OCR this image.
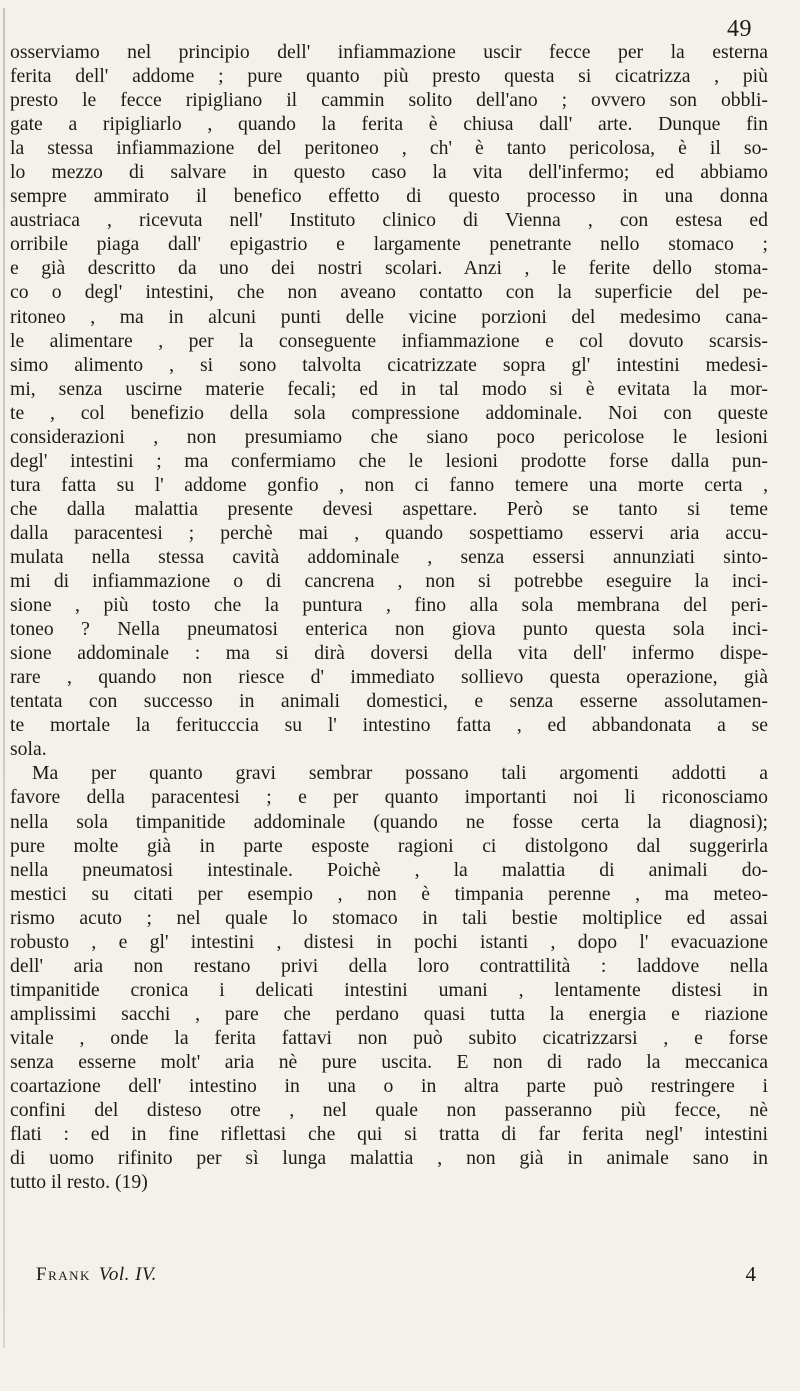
49
osserviamo nel principio dell' infiammazione uscir fecce per la esterna
ferita dell' addome ; pure quanto più presto questa si cicatrizza , più
presto le fecce ripigliano il cammin solito dell'ano ; ovvero son obbli-
gate a ripigliarlo , quando la ferita è chiusa dall' arte. Dunque fin
la stessa infiammazione del peritoneo , ch' è tanto pericolosa, è il so-
lo mezzo di salvare in questo caso la vita dell'infermo; ed abbiamo
sempre ammirato il benefico effetto di questo processo in una donna
austriaca , ricevuta nell' Instituto clinico di Vienna , con estesa ed
orribile piaga dall' epigastrio e largamente penetrante nello stomaco ;
e già descritto da uno dei nostri scolari. Anzi , le ferite dello stoma-
co o degl' intestini, che non aveano contatto con la superficie del pe-
ritoneo , ma in alcuni punti delle vicine porzioni del medesimo cana-
le alimentare , per la conseguente infiammazione e col dovuto scarsis-
simo alimento , si sono talvolta cicatrizzate sopra gl' intestini medesi-
mi, senza uscirne materie fecali; ed in tal modo si è evitata la mor-
te , col benefizio della sola compressione addominale. Noi con queste
considerazioni , non presumiamo che siano poco pericolose le lesioni
degl' intestini ; ma confermiamo che le lesioni prodotte forse dalla pun-
tura fatta su l' addome gonfio , non ci fanno temere una morte certa ,
che dalla malattia presente devesi aspettare. Però se tanto si teme
dalla paracentesi ; perchè mai , quando sospettiamo esservi aria accu-
mulata nella stessa cavità addominale , senza essersi annunziati sinto-
mi di infiammazione o di cancrena , non si potrebbe eseguire la inci-
sione , più tosto che la puntura , fino alla sola membrana del peri-
toneo ? Nella pneumatosi enterica non giova punto questa sola inci-
sione addominale : ma si dirà doversi della vita dell' infermo dispe-
rare , quando non riesce d' immediato sollievo questa operazione, già
tentata con successo in animali domestici, e senza esserne assolutamen-
te mortale la feritucccia su l' intestino fatta , ed abbandonata a se
sola.
Ma per quanto gravi sembrar possano tali argomenti addotti a
favore della paracentesi ; e per quanto importanti noi li riconosciamo
nella sola timpanitide addominale (quando ne fosse certa la diagnosi);
pure molte già in parte esposte ragioni ci distolgono dal suggerirla
nella pneumatosi intestinale. Poichè , la malattia di animali do-
mestici su citati per esempio , non è timpania perenne , ma meteo-
rismo acuto ; nel quale lo stomaco in tali bestie moltiplice ed assai
robusto , e gl' intestini , distesi in pochi istanti , dopo l' evacuazione
dell' aria non restano privi della loro contrattilità : laddove nella
timpanitide cronica i delicati intestini umani , lentamente distesi in
amplissimi sacchi , pare che perdano quasi tutta la energia e riazione
vitale , onde la ferita fattavi non può subito cicatrizzarsi , e forse
senza esserne molt' aria nè pure uscita. E non di rado la meccanica
coartazione dell' intestino in una o in altra parte può restringere i
confini del disteso otre , nel quale non passeranno più fecce, nè
flati : ed in fine riflettasi che qui si tratta di far ferita negl' intestini
di uomo rifinito per sì lunga malattia , non già in animale sano in
tutto il resto. (19)
Frank Vol. IV.	4
